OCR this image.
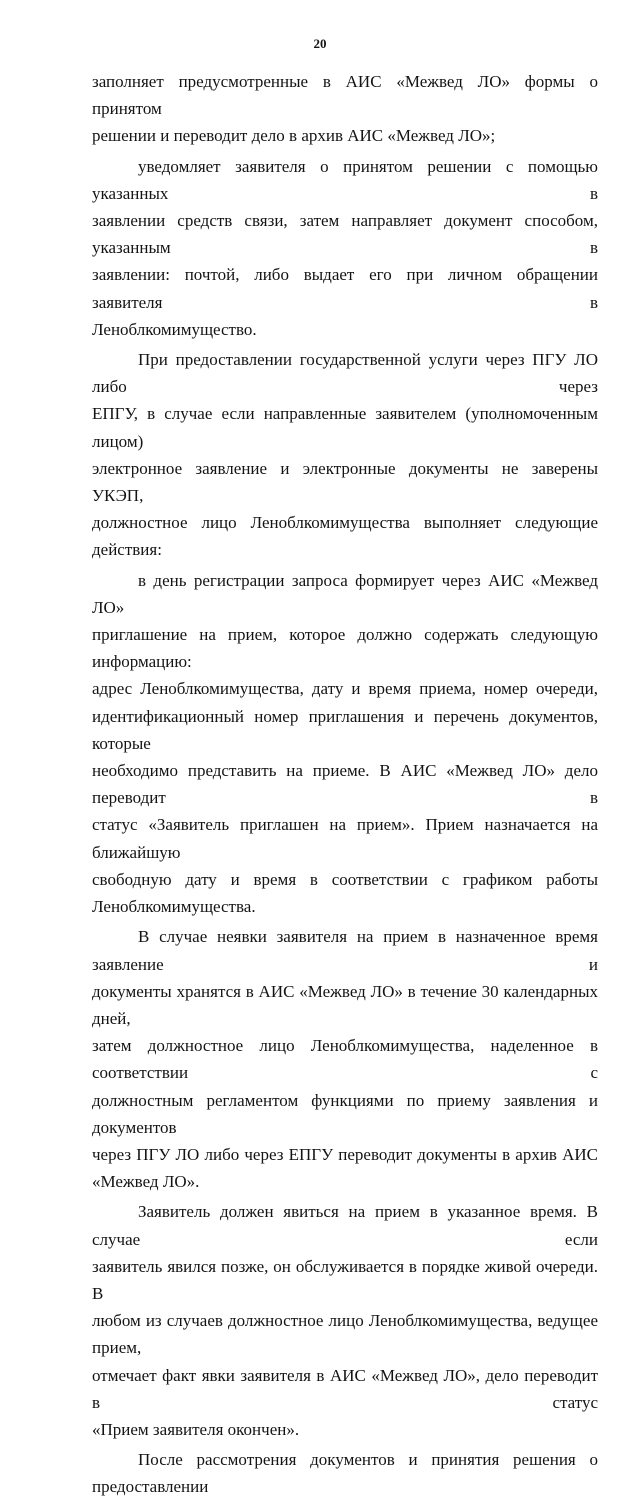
20
заполняет предусмотренные в АИС «Межвед ЛО» формы о принятом
решении и переводит дело в архив АИС «Межвед ЛО»;
уведомляет заявителя о принятом решении с помощью указанных в
заявлении средств связи, затем направляет документ способом, указанным в
заявлении: почтой, либо выдает его при личном обращении заявителя в
Леноблкомимущество.
При предоставлении государственной услуги через ПГУ ЛО либо через
ЕПГУ, в случае если направленные заявителем (уполномоченным лицом)
электронное заявление и электронные документы не заверены УКЭП,
должностное лицо Леноблкомимущества выполняет следующие действия:
в день регистрации запроса формирует через АИС «Межвед ЛО»
приглашение на прием, которое должно содержать следующую информацию:
адрес Леноблкомимущества, дату и время приема, номер очереди,
идентификационный номер приглашения и перечень документов, которые
необходимо представить на приеме. В АИС «Межвед ЛО» дело переводит в
статус «Заявитель приглашен на прием». Прием назначается на ближайшую
свободную дату и время в соответствии с графиком работы
Леноблкомимущества.
В случае неявки заявителя на прием в назначенное время заявление и
документы хранятся в АИС «Межвед ЛО» в течение 30 календарных дней,
затем должностное лицо Леноблкомимущества, наделенное в соответствии с
должностным регламентом функциями по приему заявления и документов
через ПГУ ЛО либо через ЕПГУ переводит документы в архив АИС
«Межвед ЛО».
Заявитель должен явиться на прием в указанное время. В случае если
заявитель явился позже, он обслуживается в порядке живой очереди. В
любом из случаев должностное лицо Леноблкомимущества, ведущее прием,
отмечает факт явки заявителя в АИС «Межвед ЛО», дело переводит в статус
«Прием заявителя окончен».
После рассмотрения документов и принятия решения о предоставлении
